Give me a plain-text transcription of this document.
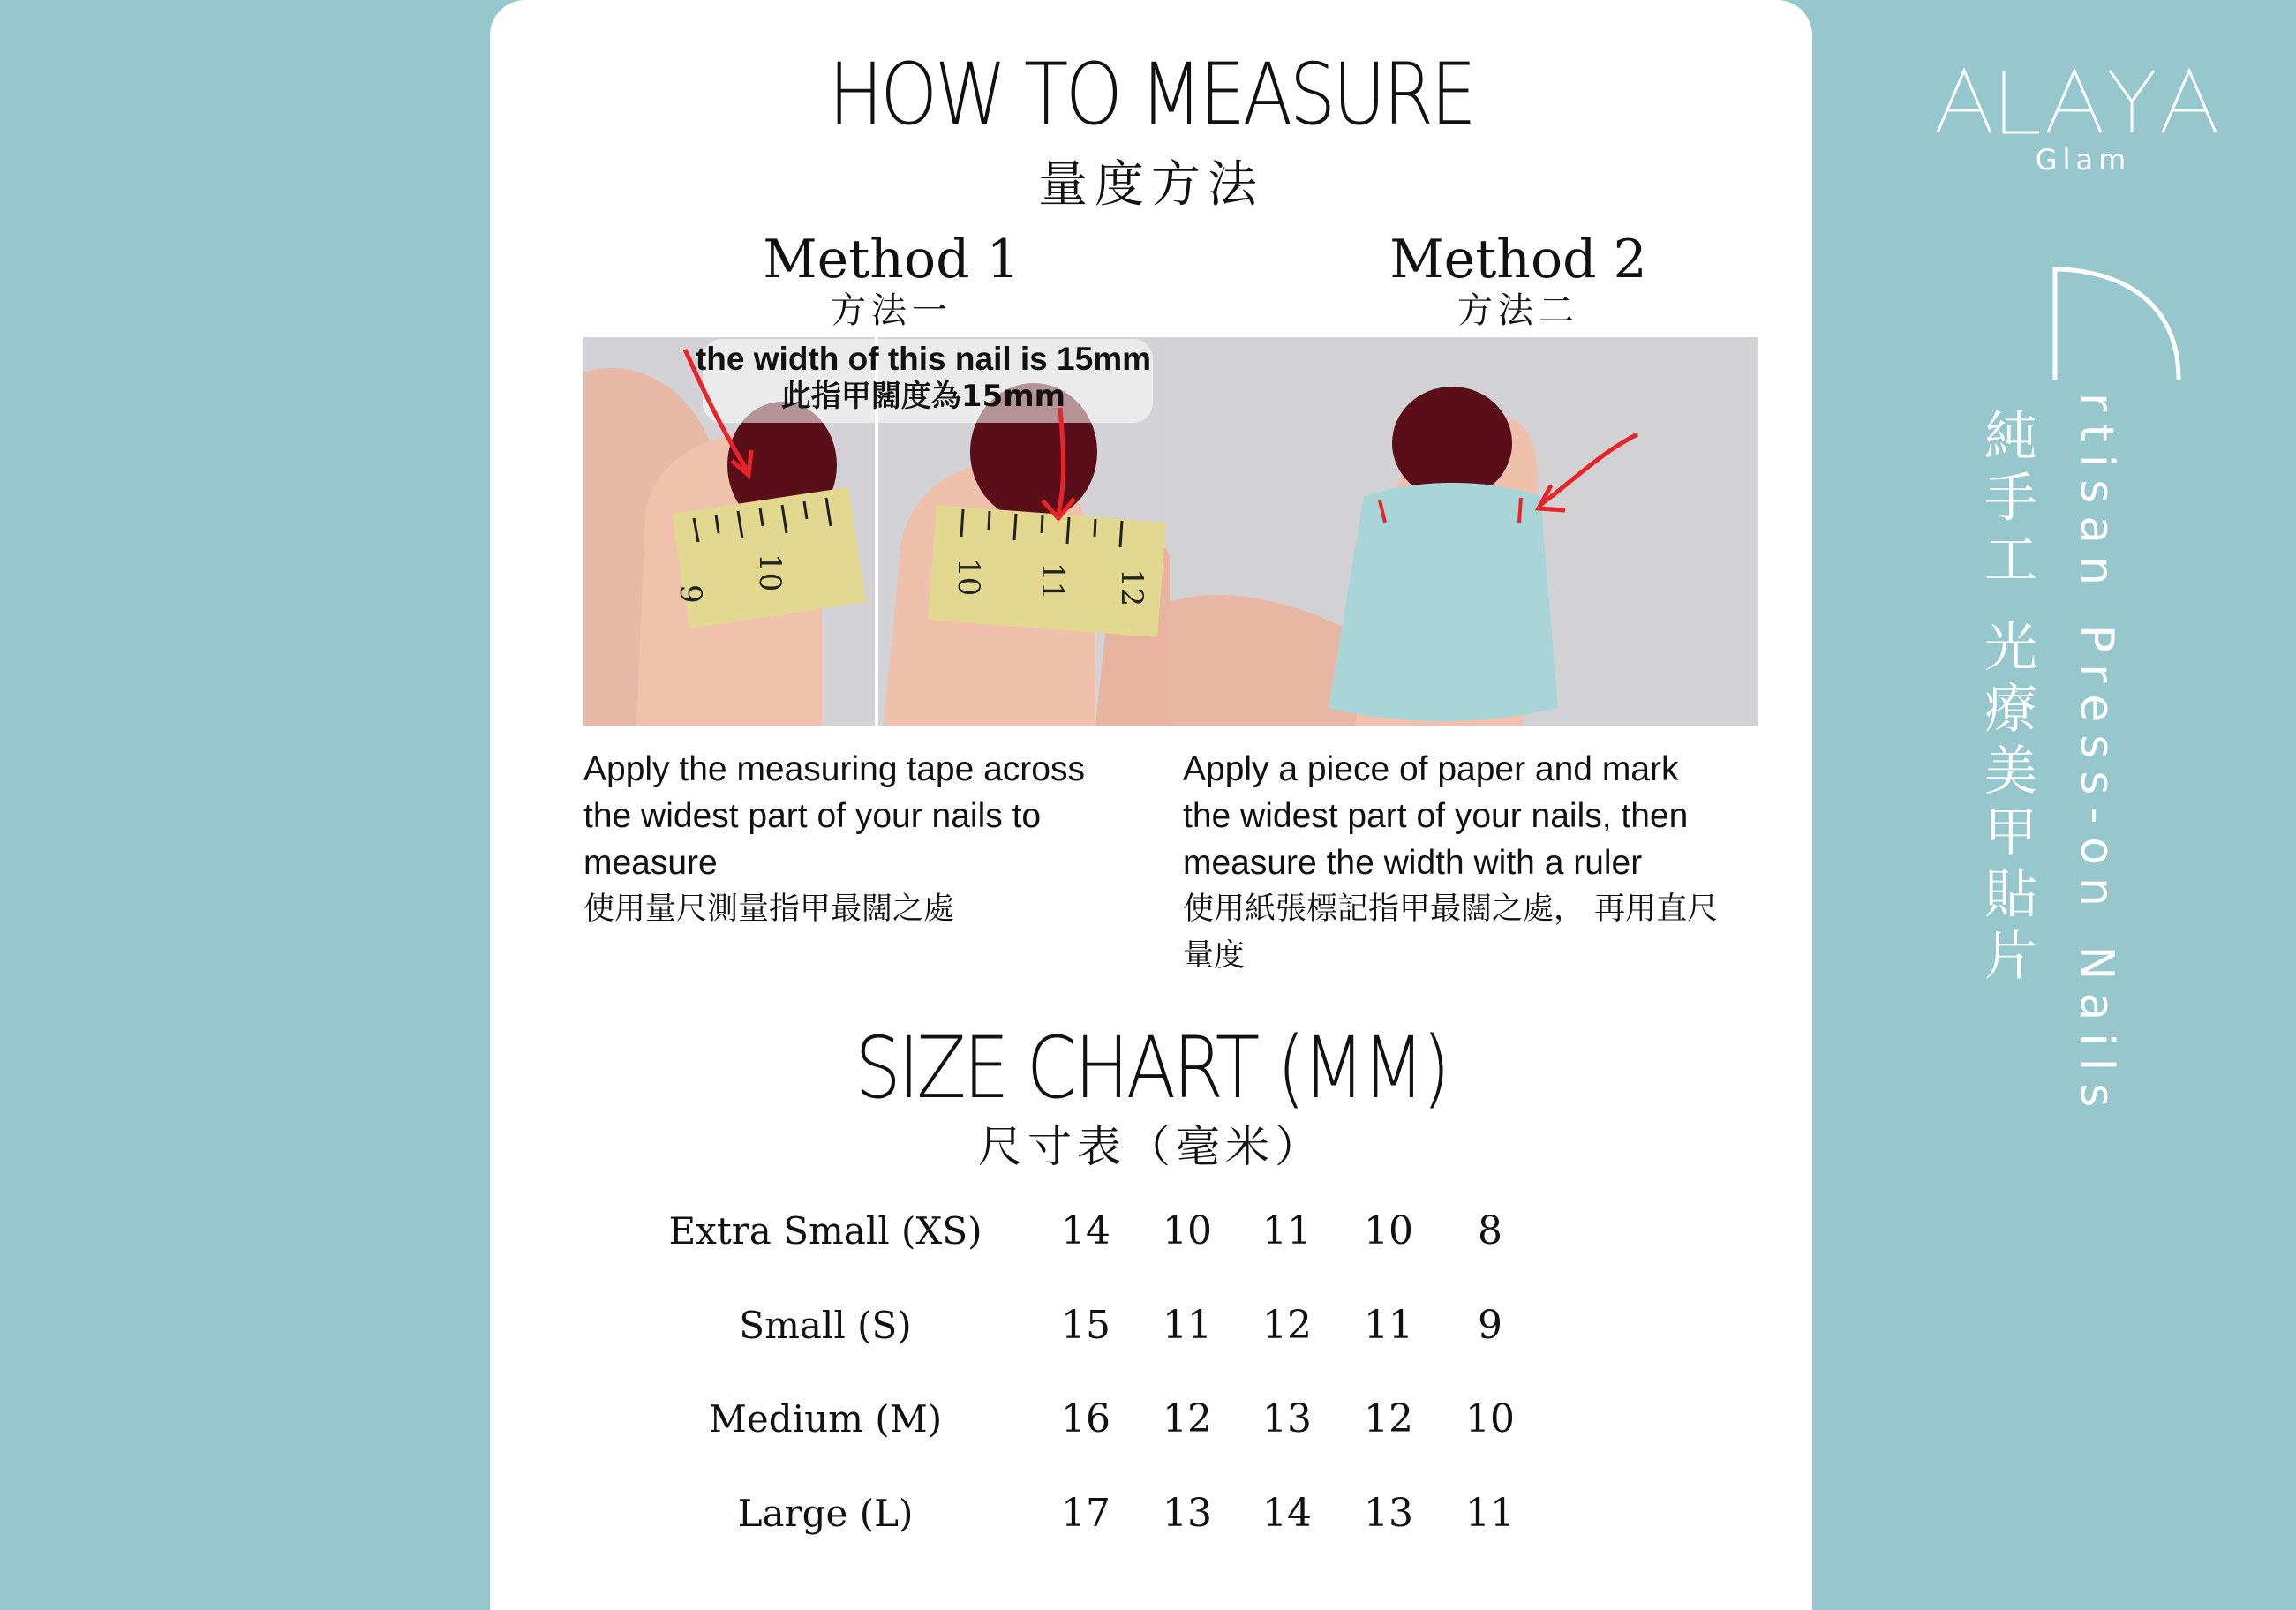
HOW TO MEASURE
量度方法
Method 1
方法一
Method 2
方法二
9
10	10 11 12
the width of this nail is 15mm
此指甲闊度為15mm
Apply the measuring tape across
the widest part of your nails to
measure
使用量尺測量指甲最闊之處
Apply a piece of paper and mark
the widest part of your nails, then
measure the width with a ruler
使用紙張標記指甲最闊之處， 再用直尺
量度
SIZE CHART (MM)
尺寸表（毫米）
Extra Small (XS)	14	10	11	10	8
Small (S)	15	11	12	11	9
Medium (M)	16	12	13	12	10
Large (L)	17	13	14	13	11
ALAYA
Glam
rtisan Press-on Nails
純手工 光療美甲貼片
